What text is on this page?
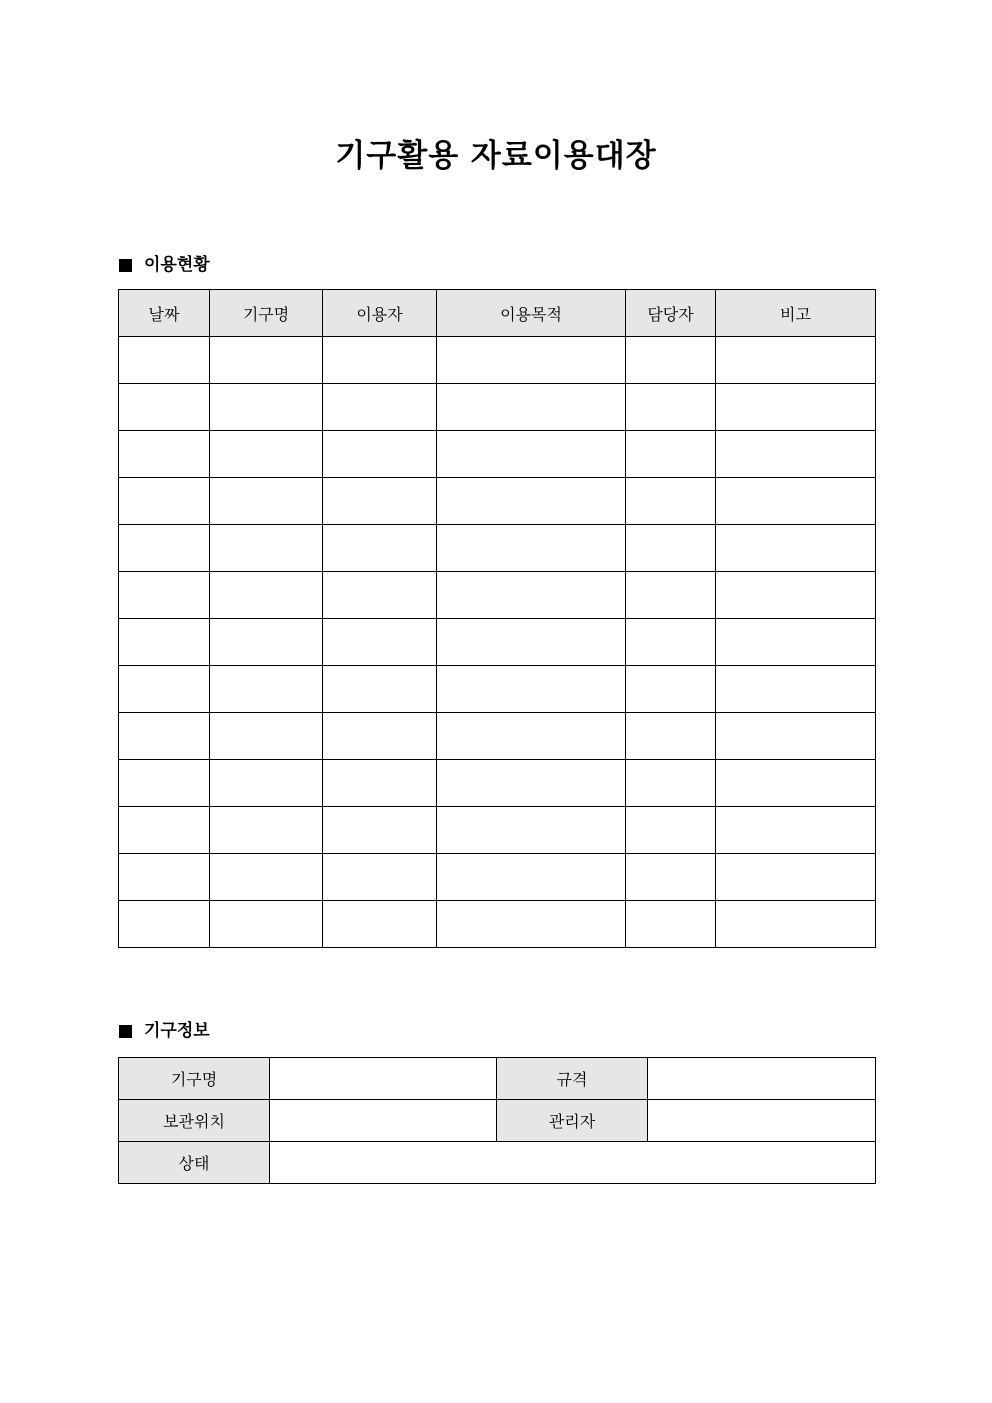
기구활용 자료이용대장
이용현황
날짜	기구명	이용자	이용목적	담당자	비고

기구정보
기구명		규격	
보관위치		관리자	
상태			
